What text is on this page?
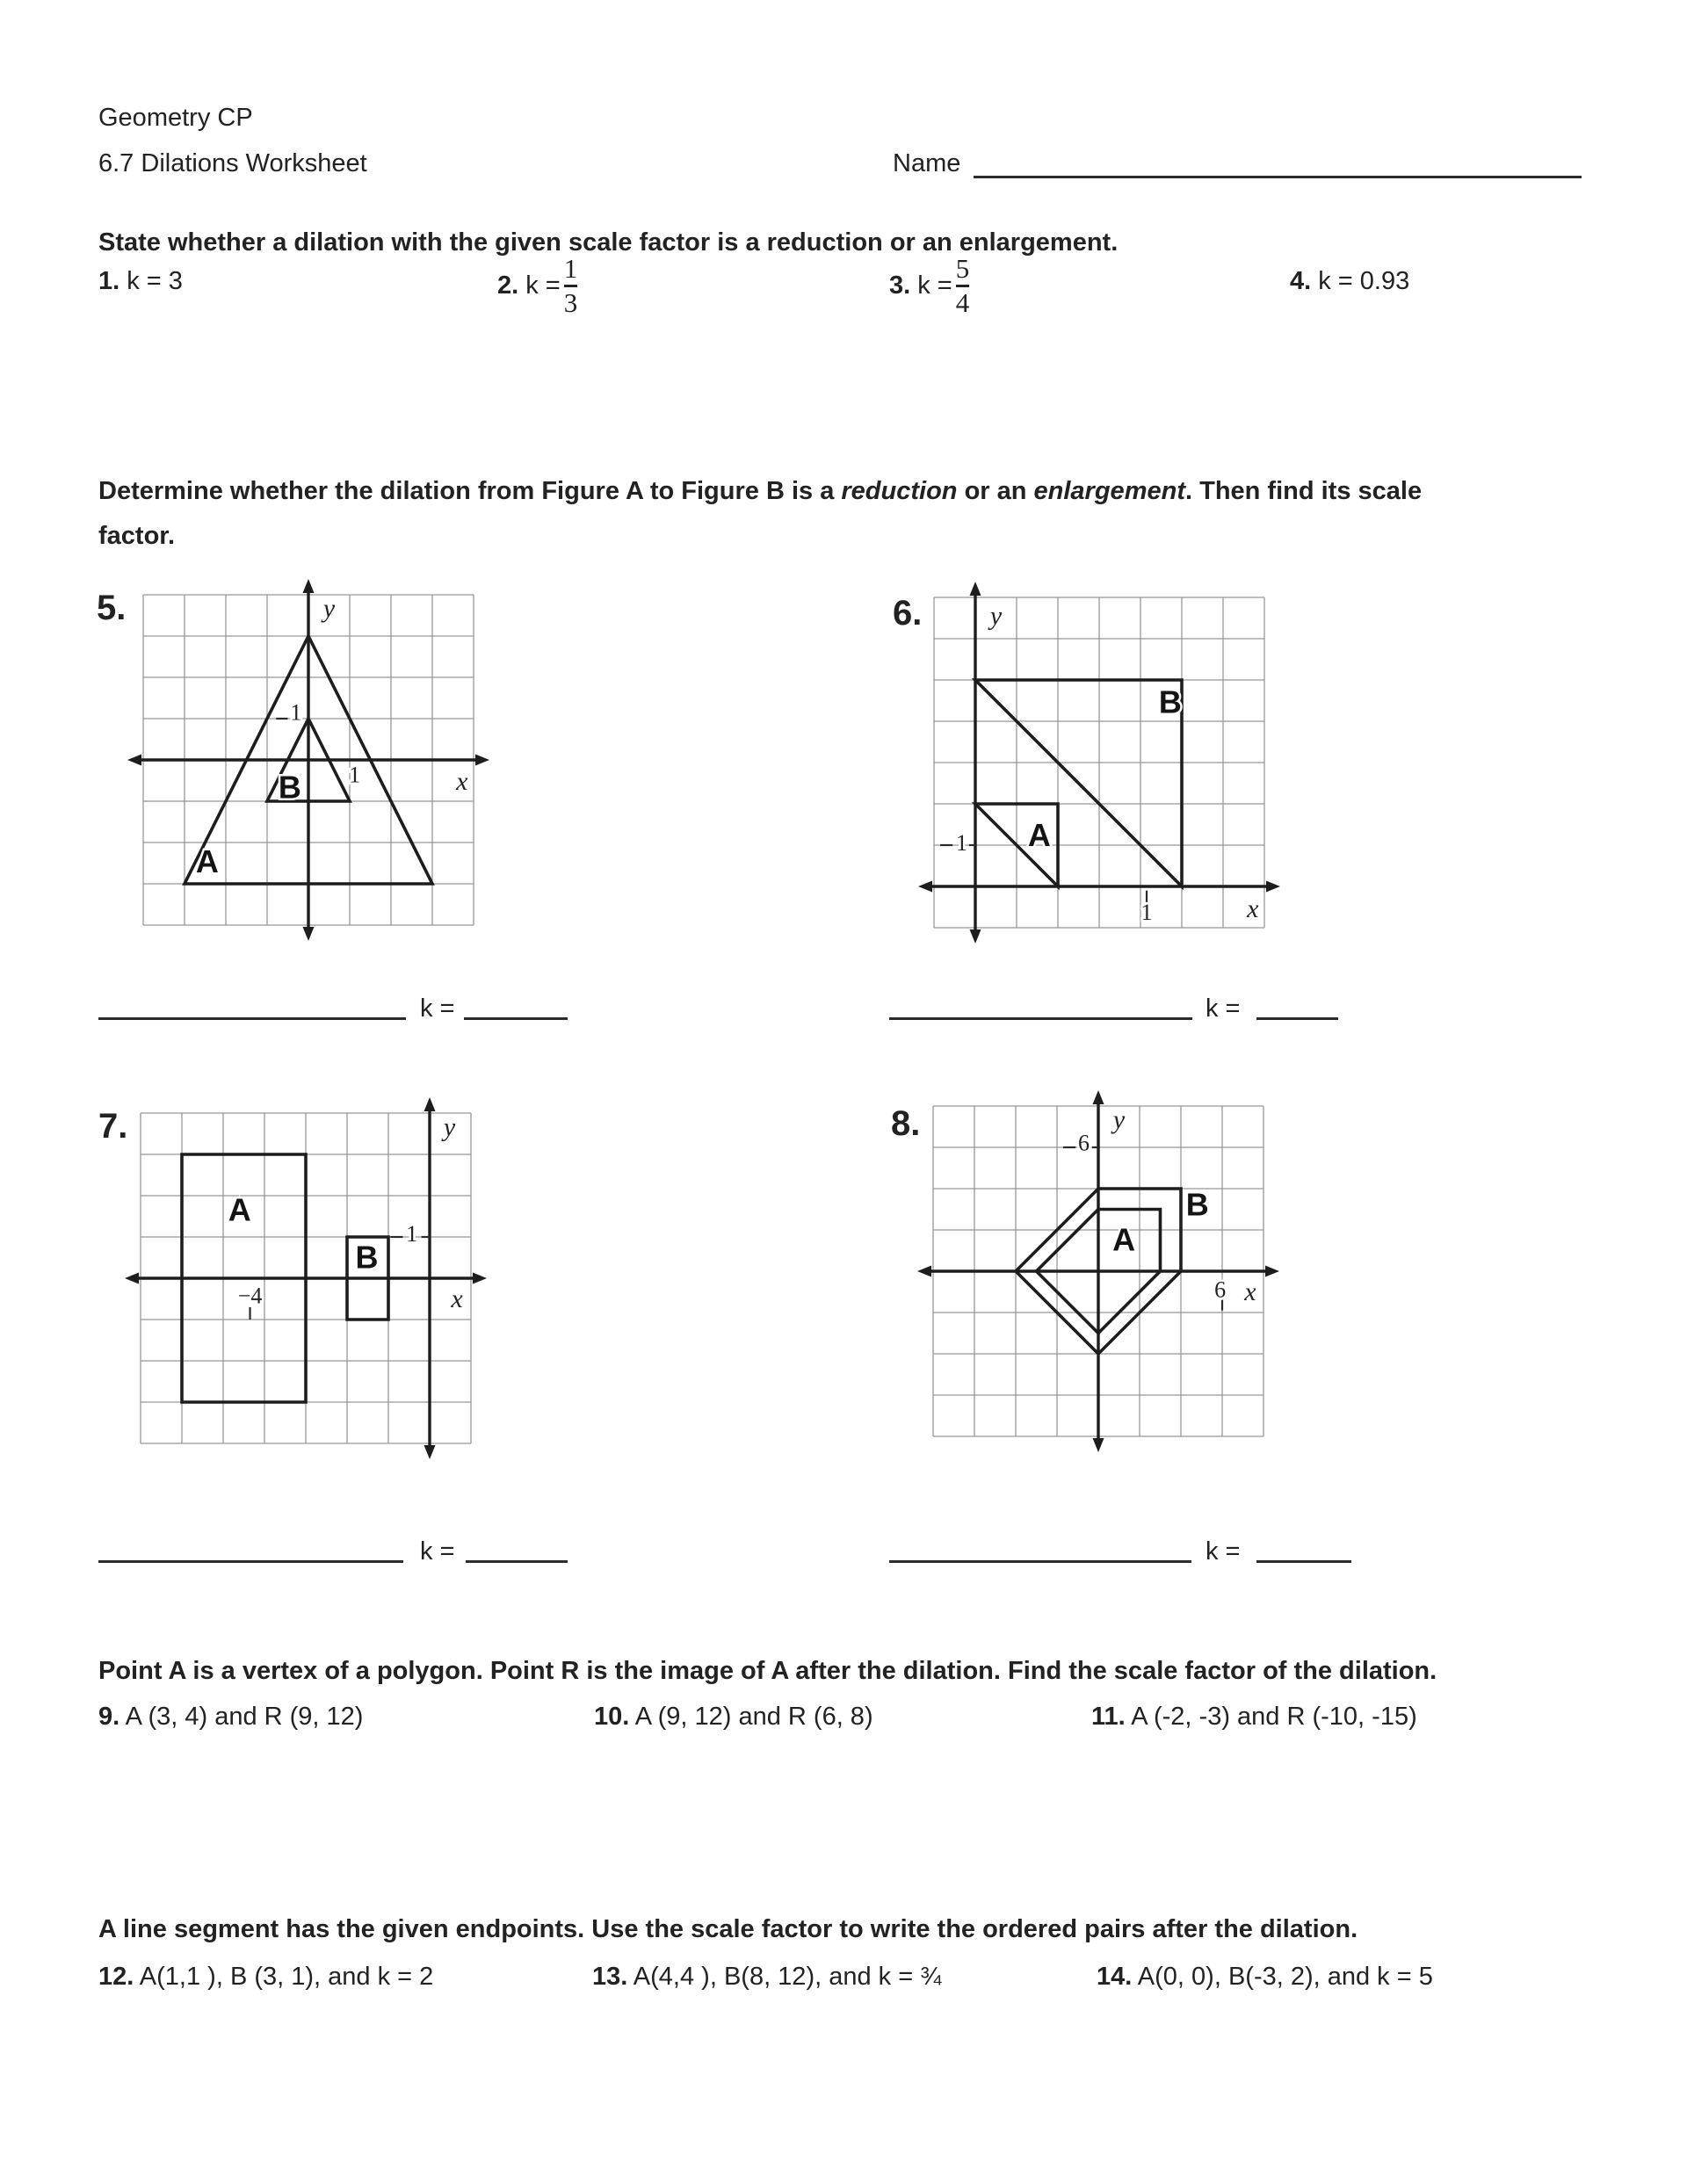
Geometry CP
6.7 Dilations Worksheet	Name
State whether a dilation with the given scale factor is a reduction or an enlargement.
1. k = 3	2. $k = \frac{1}{3}$	3. $k = \frac{5}{4}$	4. k = 0.93
Determine whether the dilation from Figure A to Figure B is a reduction or an enlargement. Then find its scale
factor.
5.	6.
7.	8.
y
x
A
B
1
1
y
x
A
B
1
1
y
x
A
B
1
−4
y
x
A
B
6
6
k =	k =
k =	k =
Point A is a vertex of a polygon. Point R is the image of A after the dilation. Find the scale factor of the dilation.
9. A (3, 4) and R (9, 12)	10. A (9, 12) and R (6, 8)	11. A (-2, -3) and R (-10, -15)
A line segment has the given endpoints. Use the scale factor to write the ordered pairs after the dilation.
12. A(1,1 ), B (3, 1), and k = 2	13. A(4,4 ), B(8, 12), and k = ¾	14. A(0, 0), B(-3, 2), and k = 5
